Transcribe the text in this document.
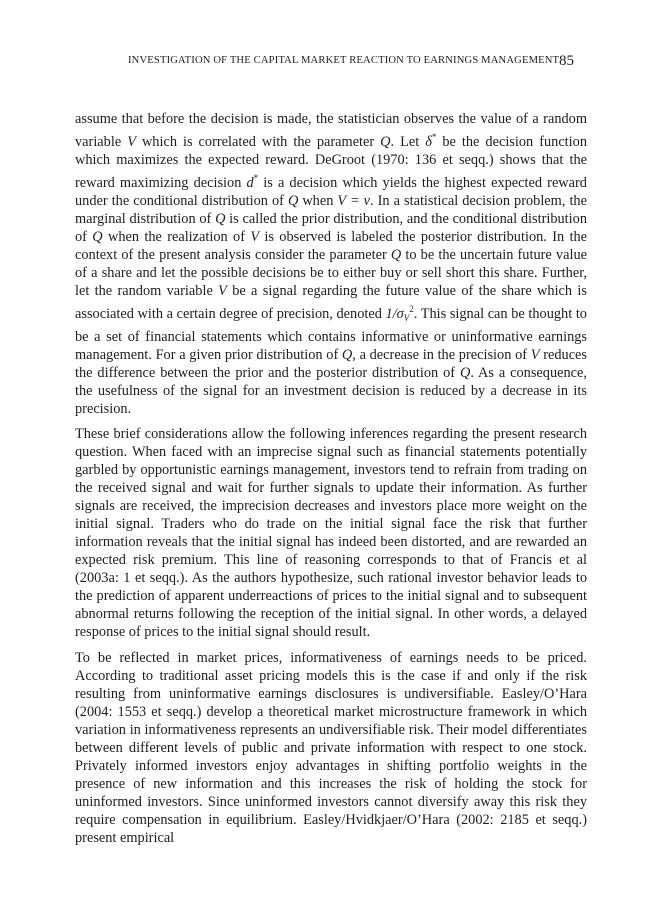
INVESTIGATION OF THE CAPITAL MARKET REACTION TO EARNINGS MANAGEMENT 85

assume that before the decision is made, the statistician observes the value of a random variable V which is correlated with the parameter Q. Let δ* be the decision function which maximizes the expected reward. DeGroot (1970: 136 et seqq.) shows that the reward maximizing decision d* is a decision which yields the highest expected reward under the conditional distribution of Q when V = v. In a statistical decision problem, the marginal distribution of Q is called the prior distribution, and the conditional distribution of Q when the realization of V is observed is labeled the posterior distribution. In the context of the present analysis consider the parameter Q to be the uncertain future value of a share and let the possible decisions be to either buy or sell short this share. Further, let the random variable V be a signal regarding the future value of the share which is associated with a certain degree of precision, denoted $1/\sigma_V^2$. This signal can be thought to be a set of financial statements which contains informative or uninformative earnings management. For a given prior distribution of Q, a decrease in the precision of V reduces the difference between the prior and the posterior distribution of Q. As a consequence, the usefulness of the signal for an investment decision is reduced by a decrease in its precision.

These brief considerations allow the following inferences regarding the present research question. When faced with an imprecise signal such as financial statements potentially garbled by opportunistic earnings management, investors tend to refrain from trading on the received signal and wait for further signals to update their information. As further signals are received, the imprecision decreases and investors place more weight on the initial signal. Traders who do trade on the initial signal face the risk that further information reveals that the initial signal has indeed been distorted, and are rewarded an expected risk premium. This line of reasoning corresponds to that of Francis et al (2003a: 1 et seqq.). As the authors hypothesize, such rational investor behavior leads to the prediction of apparent underreactions of prices to the initial signal and to subsequent abnormal returns following the reception of the initial signal. In other words, a delayed response of prices to the initial signal should result.

To be reflected in market prices, informativeness of earnings needs to be priced. According to traditional asset pricing models this is the case if and only if the risk resulting from uninformative earnings disclosures is undiversifiable. Easley/O’Hara (2004: 1553 et seqq.) develop a theoretical market microstructure framework in which variation in informativeness represents an undiversifiable risk. Their model differentiates between different levels of public and private information with respect to one stock. Privately informed investors enjoy advantages in shifting portfolio weights in the presence of new information and this increases the risk of holding the stock for uninformed investors. Since uninformed investors cannot diversify away this risk they require compensation in equilibrium. Easley/Hvidkjaer/O’Hara (2002: 2185 et seqq.) present empirical
